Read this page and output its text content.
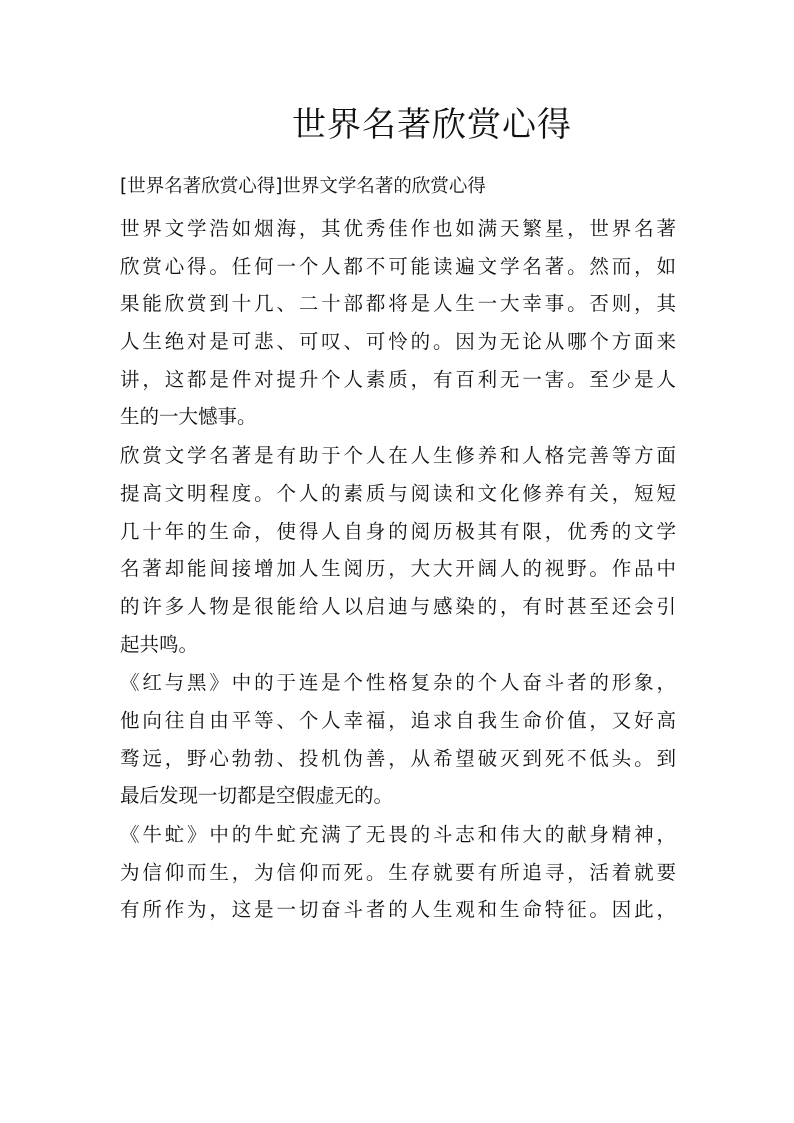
世界名著欣赏心得
[世界名著欣赏心得]世界文学名著的欣赏心得
世界文学浩如烟海，其优秀佳作也如满天繁星，世界名著
欣赏心得。任何一个人都不可能读遍文学名著。然而，如
果能欣赏到十几、二十部都将是人生一大幸事。否则，其
人生绝对是可悲、可叹、可怜的。因为无论从哪个方面来
讲，这都是件对提升个人素质，有百利无一害。至少是人
生的一大憾事。
欣赏文学名著是有助于个人在人生修养和人格完善等方面
提高文明程度。个人的素质与阅读和文化修养有关，短短
几十年的生命，使得人自身的阅历极其有限，优秀的文学
名著却能间接增加人生阅历，大大开阔人的视野。作品中
的许多人物是很能给人以启迪与感染的，有时甚至还会引
起共鸣。
《红与黑》中的于连是个性格复杂的个人奋斗者的形象，
他向往自由平等、个人幸福，追求自我生命价值，又好高
骛远，野心勃勃、投机伪善，从希望破灭到死不低头。到
最后发现一切都是空假虚无的。
《牛虻》中的牛虻充满了无畏的斗志和伟大的献身精神，
为信仰而生，为信仰而死。生存就要有所追寻，活着就要
有所作为，这是一切奋斗者的人生观和生命特征。因此，
